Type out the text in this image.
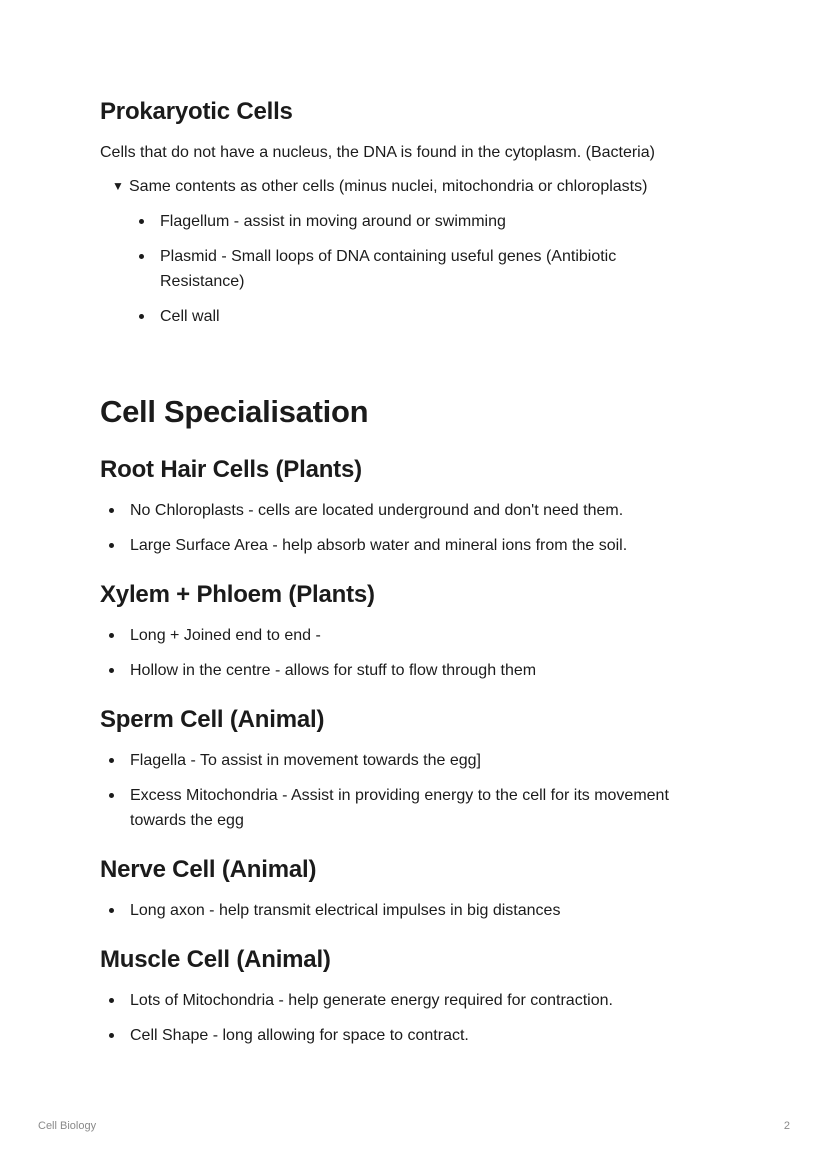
Prokaryotic Cells
Cells that do not have a nucleus, the DNA is found in the cytoplasm. (Bacteria)
▼ Same contents as other cells (minus nuclei, mitochondria or chloroplasts)
Flagellum - assist in moving around or swimming
Plasmid - Small loops of DNA containing useful genes (Antibiotic Resistance)
Cell wall
Cell Specialisation
Root Hair Cells (Plants)
No Chloroplasts - cells are located underground and don't need them.
Large Surface Area - help absorb water and mineral ions from the soil.
Xylem + Phloem (Plants)
Long + Joined end to end -
Hollow in the centre - allows for stuff to flow through them
Sperm Cell (Animal)
Flagella - To assist in movement towards the egg]
Excess Mitochondria - Assist in providing energy to the cell for its movement towards the egg
Nerve Cell (Animal)
Long axon - help transmit electrical impulses in big distances
Muscle Cell (Animal)
Lots of Mitochondria - help generate energy required for contraction.
Cell Shape - long allowing for space to contract.
Cell Biology	2
